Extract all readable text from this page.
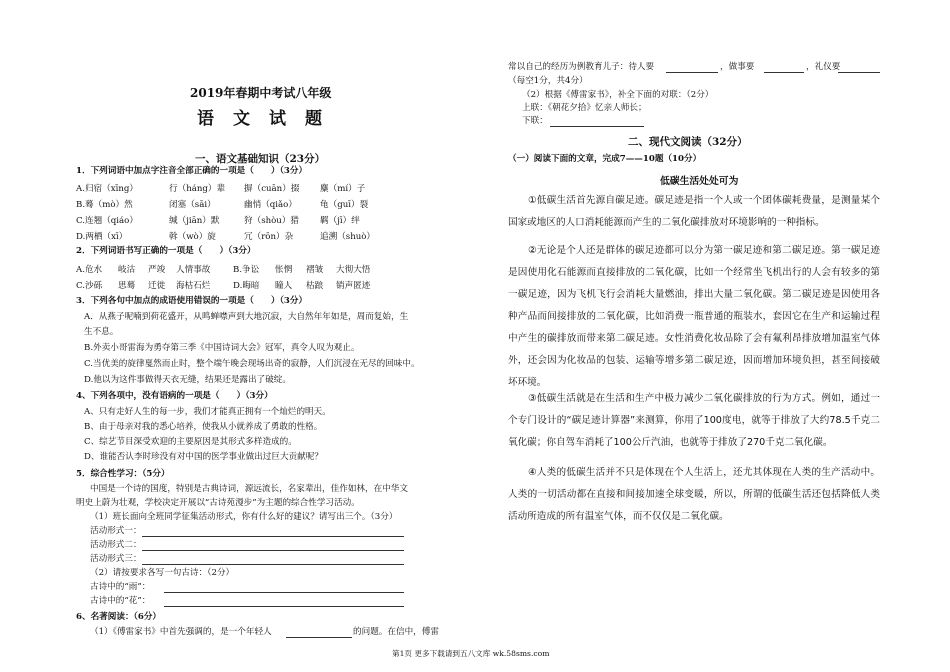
2019年春期中考试八年级
语　文　试　题
一、语文基础知识（23分）
1．下列词语中加点字注音全部正确的一项是（　　）（3分）
A.归宿（xīng）	行（háng）辈 摒（cuān）掇 麋（mí）子
B.蓦（mò）然	闭塞（sāi）	幽悄（qiǎo）	龟（guī）裂
C.连翘（qiáo）	缄（jiān）默	狩（shòu）猎 羁（jī）绊
D.两栖（xī）	斡（wò）旋	冗（rōn）杂	追溯（shuò）
2．下列词语书写正确的一项是（　　）（3分）
A.危水 岐沽 严竣 人情事故	B.争讼 怅惘 褶皱 大彻大悟
C.沙砾 思蓦 迁徙 海枯石烂	D.晦暗 瞳人 枯踉 销声匿迹
3．下列各句中加点的成语使用错误的一项是（　　）（3分）
A．从燕子呢喃到荷花盛开，从鸣蝉噤声到大地沉寂，大自然年年如是，周而复始，生
生不息。
B.外卖小哥雷海为勇夺第三季《中国诗词大会》冠军，真令人叹为观止。
C.当优美的旋律戛然而止时，整个端午晚会现场出奇的寂静，人们沉浸在无尽的回味中。
D.他以为这件事做得天衣无缝，结果还是露出了破绽。
4、下列各项中，没有语病的一项是（　　）（3分）
A、只有走好人生的每一步，我们才能真正拥有一个灿烂的明天。
B、由于母亲对我的悉心培养，使我从小就养成了勇敢的性格。
C、综艺节目深受欢迎的主要原因是其形式多样造成的。
D、谁能否认李时珍没有对中国的医学事业做出过巨大贡献呢？
5．综合性学习：（5分）
中国是一个诗的国度，特别是古典诗词，源远流长，名家辈出，佳作如林，在中华文
明史上蔚为壮观，学校决定开展以“古诗苑漫步”为主题的综合性学习活动。
（1）班长面向全班同学征集活动形式，你有什么好的建议？请写出三个。（3分）
活动形式一：
活动形式二：
活动形式三：
（2）请按要求各写一句古诗：（2分）
古诗中的“雨”：
古诗中的“花”：
6、名著阅读：（6分）
（1）《傅雷家书》中首先强调的，是一个年轻人	的问题。在信中，傅雷
常以自己的经历为例教育儿子：待人要	，做事要	，礼仪要
（每空1分，共4分）
（2）根据《傅雷家书》，补全下面的对联：（2分）
上联：《朝花夕拾》忆亲人师长；
下联：
二、现代文阅读（32分）
（一）阅读下面的文章，完成7——10题（10分）
低碳生活处处可为
①低碳生活首先源自碳足迹。碳足迹是指一个人或一个团体碳耗费量，是测量某个国家或地区的人口消耗能源而产生的二氧化碳排放对环境影响的一种指标。
②无论是个人还是群体的碳足迹都可以分为第一碳足迹和第二碳足迹。第一碳足迹是因使用化石能源而直接排放的二氧化碳，比如一个经常坐飞机出行的人会有较多的第一碳足迹，因为飞机飞行会消耗大量燃油，排出大量二氧化碳。第二碳足迹是因使用各种产品而间接排放的二氧化碳，比如消费一瓶普通的瓶装水，套因它在生产和运输过程中产生的碳排放而带来第二碳足迹。女性消费化妆品除了会有氟利昂排放增加温室气体外，还会因为化妆品的包装、运输等增多第二碳足迹，因而增加环境负担，甚至间接破坏环境。
③低碳生活就是在生活和生产中极力减少二氧化碳排放的行为方式。例如，通过一个专门设计的“碳足迹计算器”来测算，你用了100度电，就等于排放了大约78.5千克二氧化碳；你自驾车消耗了100公斤汽油，也就等于排放了270千克二氧化碳。
④人类的低碳生活并不只是体现在个人生活上，还尤其体现在人类的生产活动中。人类的一切活动都在直接和间接加速全球变暖，所以，所谓的低碳生活还包括降低人类活动所造成的所有温室气体，而不仅仅是二氧化碳。
第1页 更多下载请到五八文库 wk.58sms.com
